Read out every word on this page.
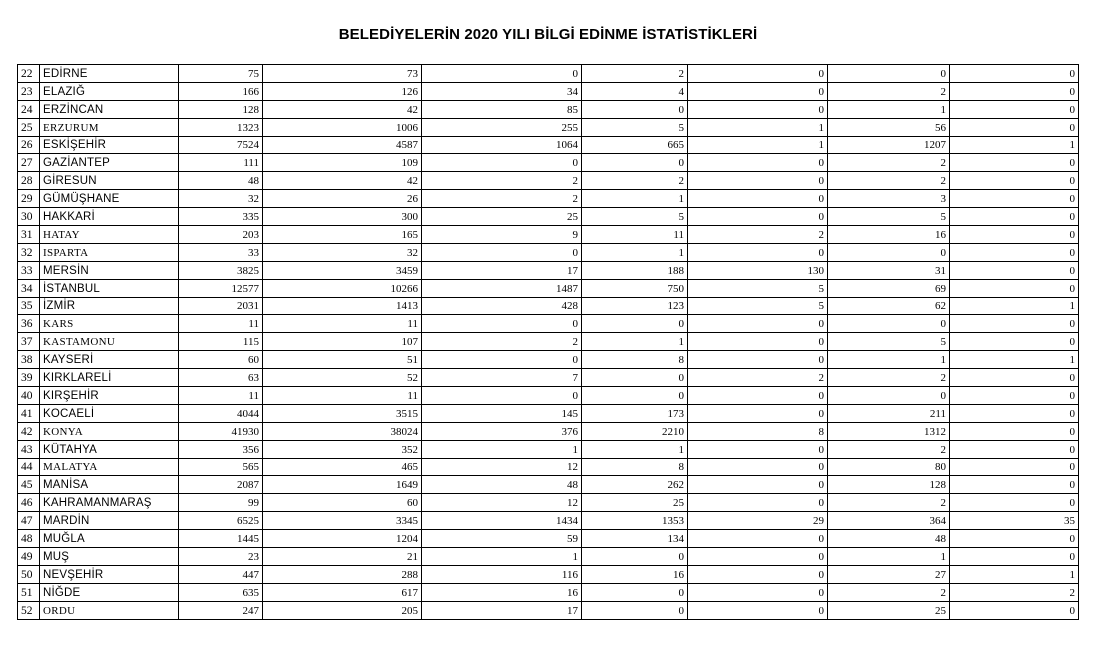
BELEDİYELERİN 2020 YILI BİLGİ EDİNME İSTATİSTİKLERİ
22	EDİRNE	75	73	0	2	0	0	0
23	ELAZIĞ	166	126	34	4	0	2	0
24	ERZİNCAN	128	42	85	0	0	1	0
25	ERZURUM	1323	1006	255	5	1	56	0
26	ESKİŞEHİR	7524	4587	1064	665	1	1207	1
27	GAZİANTEP	111	109	0	0	0	2	0
28	GİRESUN	48	42	2	2	0	2	0
29	GÜMÜŞHANE	32	26	2	1	0	3	0
30	HAKKARİ	335	300	25	5	0	5	0
31	HATAY	203	165	9	11	2	16	0
32	ISPARTA	33	32	0	1	0	0	0
33	MERSİN	3825	3459	17	188	130	31	0
34	İSTANBUL	12577	10266	1487	750	5	69	0
35	İZMİR	2031	1413	428	123	5	62	1
36	KARS	11	11	0	0	0	0	0
37	KASTAMONU	115	107	2	1	0	5	0
38	KAYSERİ	60	51	0	8	0	1	1
39	KIRKLARELİ	63	52	7	0	2	2	0
40	KIRŞEHİR	11	11	0	0	0	0	0
41	KOCAELİ	4044	3515	145	173	0	211	0
42	KONYA	41930	38024	376	2210	8	1312	0
43	KÜTAHYA	356	352	1	1	0	2	0
44	MALATYA	565	465	12	8	0	80	0
45	MANİSA	2087	1649	48	262	0	128	0
46	KAHRAMANMARAŞ	99	60	12	25	0	2	0
47	MARDİN	6525	3345	1434	1353	29	364	35
48	MUĞLA	1445	1204	59	134	0	48	0
49	MUŞ	23	21	1	0	0	1	0
50	NEVŞEHİR	447	288	116	16	0	27	1
51	NİĞDE	635	617	16	0	0	2	2
52	ORDU	247	205	17	0	0	25	0
